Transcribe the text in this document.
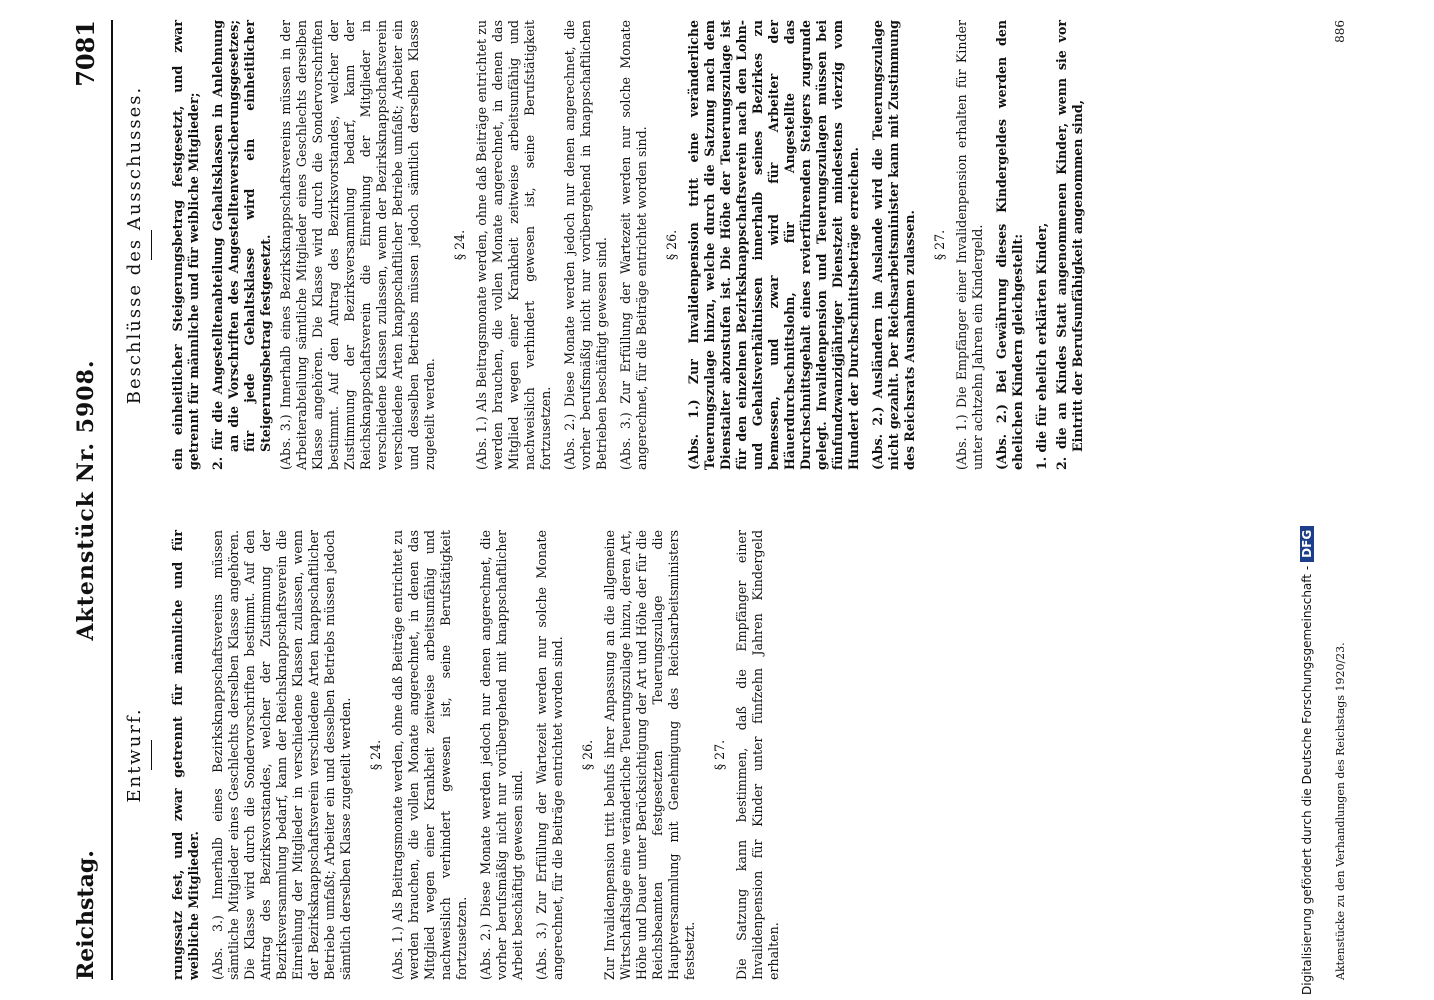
Reichstag.
Aktenstück Nr. 5908.
7081
Entwurf. rungssatz fest, und zwar getrennt für männliche und für weibliche Mitglieder. (Abs. 3.) Innerhalb eines Bezirksknappschaftsvereins müssen sämtliche Mitglieder eines Geschlechts derselben Klasse angehören. Die Klasse wird durch die Sondervorschriften bestimmt. Auf den Antrag des Bezirksvorstandes, welcher der Zustimmung der Bezirksversammlung bedarf, kann der Reichsknappschaftsverein die Einreihung der Mitglieder in verschiedene Klassen zulassen, wenn der Bezirksknappschaftsverein verschiedene Arten knappschaftlicher Betriebe umfaßt; Arbeiter ein und desselben Betriebs müssen jedoch sämtlich derselben Klasse zugeteilt werden. § 24. (Abs. 1.) Als Beitragsmonate werden, ohne daß Beiträge entrichtet zu werden brauchen, die vollen Monate angerechnet, in denen das Mitglied wegen einer Krankheit zeitweise arbeitsunfähig und nachweislich verhindert gewesen ist, seine Berufstätigkeit fortzusetzen. (Abs. 2.) Diese Monate werden jedoch nur denen angerechnet, die vorher berufsmäßig nicht nur vorübergehend mit knappschaftlicher Arbeit beschäftigt gewesen sind. (Abs. 3.) Zur Erfüllung der Wartezeit werden nur solche Monate angerechnet, für die Beiträge entrichtet worden sind. § 26. Zur Invalidenpension tritt behufs ihrer Anpassung an die allgemeine Wirtschaftslage eine veränderliche Teuerungszulage hinzu, deren Art, Höhe und Dauer unter Berücksichtigung der Art und Höhe der für die Reichsbeamten festgesetzten Teuerungszulage die Hauptversammlung mit Genehmigung des Reichsarbeitsministers festsetzt.

§ 27. Die Satzung kann bestimmen, daß die Empfänger einer Invalidenpension für Kinder unter fünfzehn Jahren Kindergeld erhalten.

Beschlüsse des Ausschusses. ein einheitlicher Steigerungsbetrag festgesetzt, und zwar getrennt für männliche und für weibliche Mitglieder; 2. für die Angestelltenabteilung Gehaltsklassen in Anlehnung an die Vorschriften des Angestelltenversicherungsgesetzes; für jede Gehaltsklasse wird ein einheitlicher Steigerungsbetrag festgesetzt. (Abs. 3.) Innerhalb eines Bezirksknappschaftsvereins müssen in der Arbeiterabteilung sämtliche Mitglieder eines Geschlechts derselben Klasse angehören. Die Klasse wird durch die Sondervorschriften bestimmt. Auf den Antrag des Bezirksvorstandes, welcher der Zustimmung der Bezirksversammlung bedarf, kann der Reichsknappschaftsverein die Einreihung der Mitglieder in verschiedene Klassen zulassen, wenn der Bezirksknappschaftsverein verschiedene Arten knappschaftlicher Betriebe umfaßt; Arbeiter ein und desselben Betriebs müssen jedoch sämtlich derselben Klasse zugeteilt werden.

§ 24. (Abs. 1.) Als Beitragsmonate werden, ohne daß Beiträge entrichtet zu werden brauchen, die vollen Monate angerechnet, in denen das Mitglied wegen einer Krankheit zeitweise arbeitsunfähig und nachweislich verhindert gewesen ist, seine Berufstätigkeit fortzusetzen. (Abs. 2.) Diese Monate werden jedoch nur denen angerechnet, die vorher berufsmäßig nicht nur vorübergehend in knappschaftlichen Betrieben beschäftigt gewesen sind. (Abs. 3.) Zur Erfüllung der Wartezeit werden nur solche Monate angerechnet, für die Beiträge entrichtet worden sind. § 26. (Abs. 1.) Zur Invalidenpension tritt eine veränderliche Teuerungszulage hinzu, welche durch die Satzung nach dem Dienstalter abzustufen ist. Die Höhe der Teuerungszulage ist für den einzelnen Bezirksknappschaftsverein nach den Lohn- und Gehaltsverhältnissen innerhalb seines Bezirkes zu bemessen, und zwar wird für Arbeiter der Häuerdurchschnittslohn, für Angestellte das Durchschnittsgehalt eines revierführenden Steigers zugrunde gelegt. Invalidenpension und Teuerungszulagen müssen bei fünfundzwanzigjähriger Dienstzeit mindestens vierzig vom Hundert der Durchschnittsbeträge erreichen. (Abs. 2.) Ausländern im Auslande wird die Teuerungszulage nicht gezahlt. Der Reichsarbeitsminister kann mit Zustimmung des Reichsrats Ausnahmen zulassen. § 27. (Abs. 1.) Die Empfänger einer Invalidenpension erhalten für Kinder unter achtzehn Jahren ein Kindergeld. (Abs. 2.) Bei Gewährung dieses Kindergeldes werden den ehelichen Kindern gleichgestellt: 1. die für ehelich erklärten Kinder, 2. die an Kindes Statt angenommenen Kinder, wenn sie vor Eintritt der Berufsunfähigkeit angenommen sind,
Aktenstücke zu den Verhandlungen des Reichstags 1920/23.
886
Digitalisierung gefördert durch die Deutsche Forschungsgemeinschaft -DFG
